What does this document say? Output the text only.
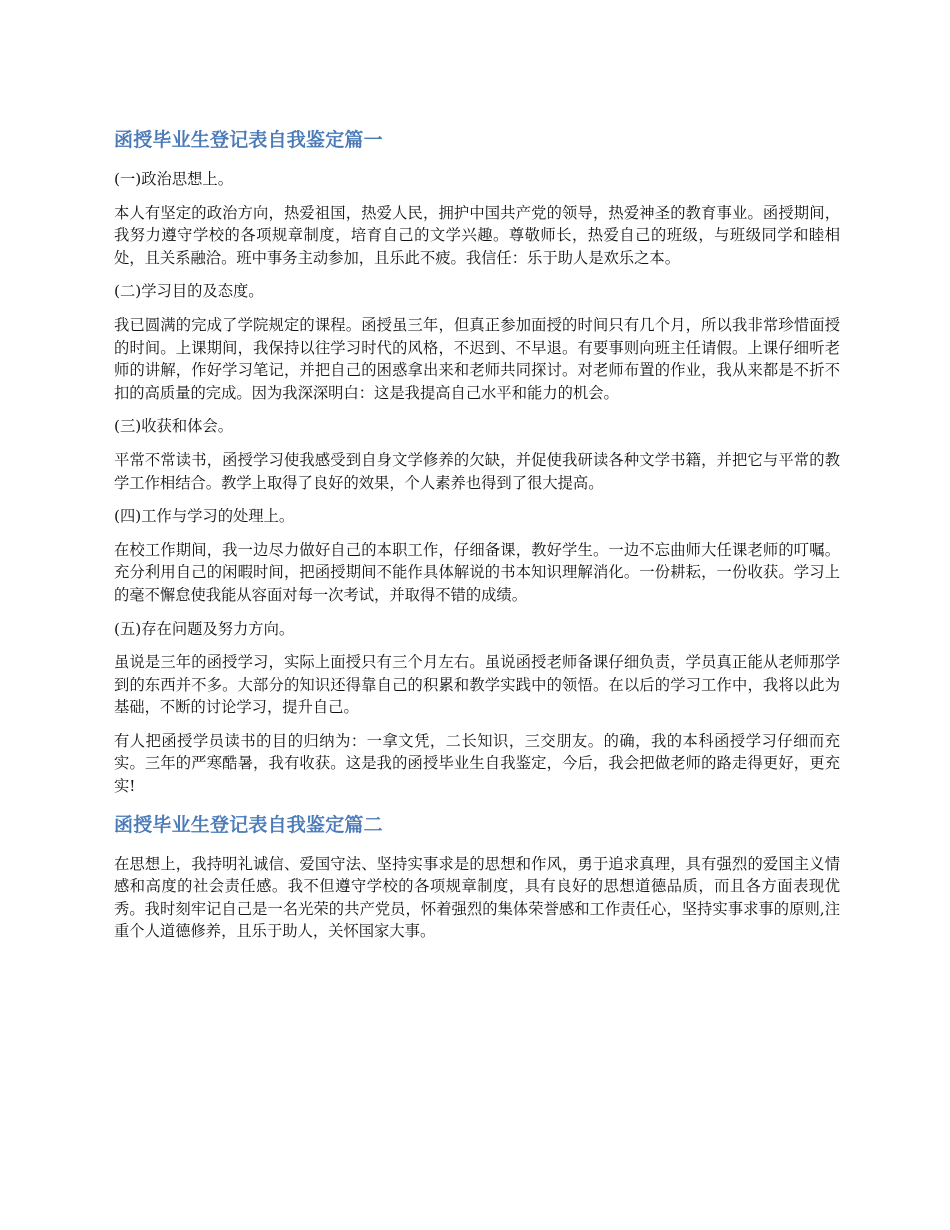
函授毕业生登记表自我鉴定篇一

(一)政治思想上。

本人有坚定的政治方向，热爱祖国，热爱人民，拥护中国共产党的领导，热爱神圣的教育事业。函授期间，我努力遵守学校的各项规章制度，培育自己的文学兴趣。尊敬师长，热爱自己的班级，与班级同学和睦相处，且关系融洽。班中事务主动参加，且乐此不疲。我信任：乐于助人是欢乐之本。

(二)学习目的及态度。

我已圆满的完成了学院规定的课程。函授虽三年，但真正参加面授的时间只有几个月，所以我非常珍惜面授的时间。上课期间，我保持以往学习时代的风格，不迟到、不早退。有要事则向班主任请假。上课仔细听老师的讲解，作好学习笔记，并把自己的困惑拿出来和老师共同探讨。对老师布置的作业，我从来都是不折不扣的高质量的完成。因为我深深明白：这是我提高自己水平和能力的机会。

(三)收获和体会。

平常不常读书，函授学习使我感受到自身文学修养的欠缺，并促使我研读各种文学书籍，并把它与平常的教学工作相结合。教学上取得了良好的效果，个人素养也得到了很大提高。

(四)工作与学习的处理上。

在校工作期间，我一边尽力做好自己的本职工作，仔细备课，教好学生。一边不忘曲师大任课老师的叮嘱。充分利用自己的闲暇时间，把函授期间不能作具体解说的书本知识理解消化。一份耕耘，一份收获。学习上的毫不懈怠使我能从容面对每一次考试，并取得不错的成绩。

(五)存在问题及努力方向。

虽说是三年的函授学习，实际上面授只有三个月左右。虽说函授老师备课仔细负责，学员真正能从老师那学到的东西并不多。大部分的知识还得靠自己的积累和教学实践中的领悟。在以后的学习工作中，我将以此为基础，不断的讨论学习，提升自己。

有人把函授学员读书的目的归纳为：一拿文凭，二长知识，三交朋友。的确，我的本科函授学习仔细而充实。三年的严寒酷暑，我有收获。这是我的函授毕业生自我鉴定，今后，我会把做老师的路走得更好，更充实!

函授毕业生登记表自我鉴定篇二

在思想上，我持明礼诚信、爱国守法、坚持实事求是的思想和作风，勇于追求真理，具有强烈的爱国主义情感和高度的社会责任感。我不但遵守学校的各项规章制度，具有良好的思想道德品质，而且各方面表现优秀。我时刻牢记自己是一名光荣的共产党员，怀着强烈的集体荣誉感和工作责任心，坚持实事求事的原则,注重个人道德修养，且乐于助人，关怀国家大事。
